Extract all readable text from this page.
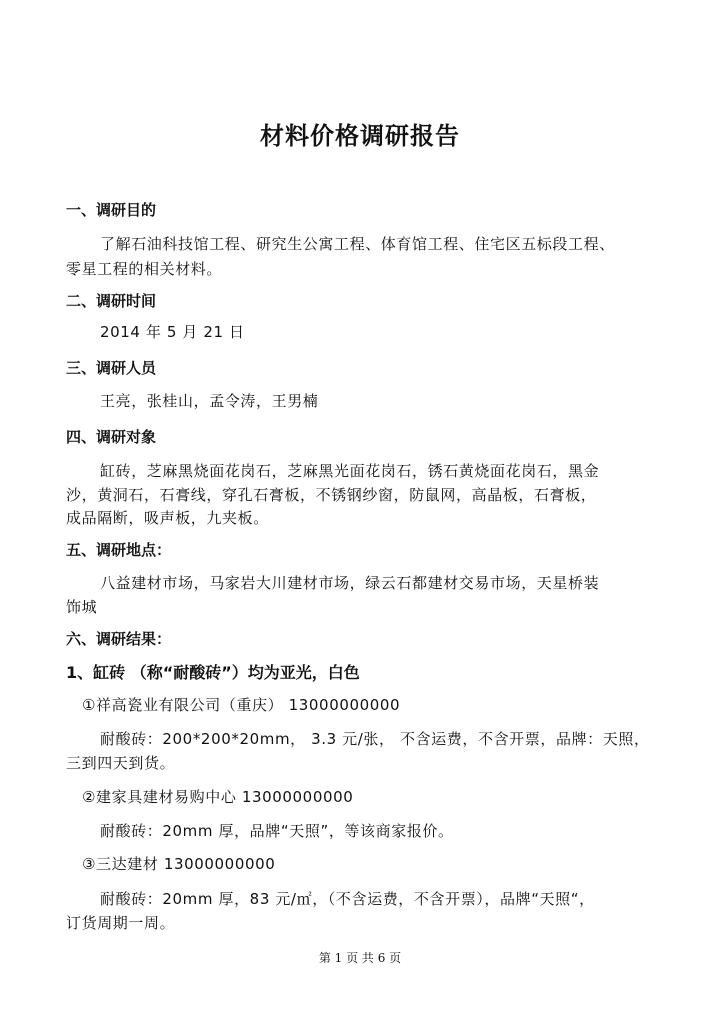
材料价格调研报告
一、调研目的
了解石油科技馆工程、研究生公寓工程、体育馆工程、住宅区五标段工程、
零星工程的相关材料。
二、调研时间
2014 年 5 月 21 日
三、调研人员
王亮，张桂山，孟令涛，王男楠
四、调研对象
缸砖，芝麻黑烧面花岗石，芝麻黑光面花岗石，锈石黄烧面花岗石，黑金
沙，黄洞石，石膏线，穿孔石膏板，不锈钢纱窗，防鼠网，高晶板，石膏板，
成品隔断，吸声板，九夹板。
五、调研地点：
八益建材市场，马家岩大川建材市场，绿云石都建材交易市场，天星桥装
饰城
六、调研结果：
1、缸砖 （称“耐酸砖”）均为亚光，白色
①祥高瓷业有限公司（重庆） 13000000000
耐酸砖：200*200*20mm， 3.3 元/张， 不含运费，不含开票，品牌：天照，
三到四天到货。
②建家具建材易购中心 13000000000
耐酸砖：20mm 厚，品牌“天照”，等该商家报价。
③三达建材 13000000000
耐酸砖：20mm 厚，83 元/㎡，（不含运费，不含开票），品牌“天照“，
订货周期一周。
第 1 页 共 6 页
